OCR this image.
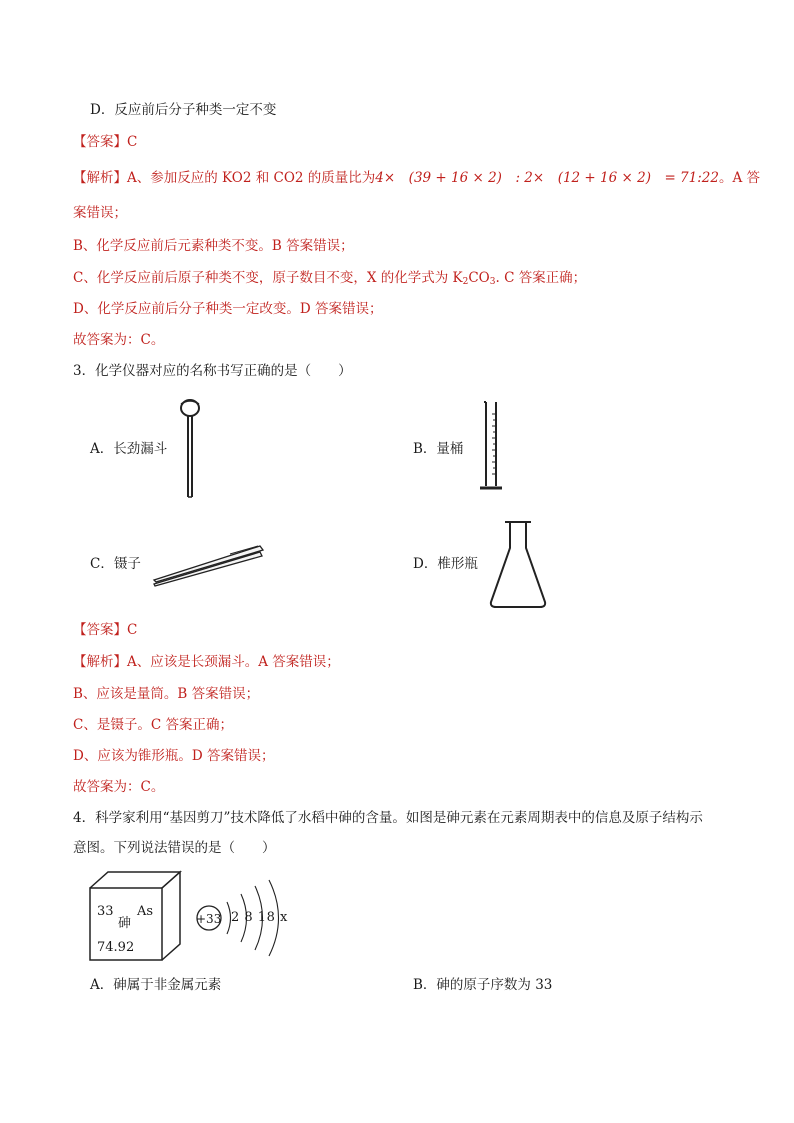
D．反应前后分子种类一定不变
【答案】C
【解析】A、参加反应的 KO2 和 CO2 的质量比为4×　(39 + 16 × 2)　: 2×　(12 + 16 × 2)　= 71:22。A 答
案错误；
B、化学反应前后元素种类不变。B 答案错误；
C、化学反应前后原子种类不变，原子数目不变，X 的化学式为 $K_2CO_3$. C 答案正确；
D、化学反应前后分子种类一定改变。D 答案错误；
故答案为：C。
3．化学仪器对应的名称书写正确的是（　　）
A．长劲漏斗	B．量桶
C．镊子	D．椎形瓶
【答案】C
【解析】A、应该是长颈漏斗。A 答案错误；
B、应该是量筒。B 答案错误；
C、是镊子。C 答案正确；
D、应该为锥形瓶。D 答案错误；
故答案为：C。
4．科学家利用“基因剪刀”技术降低了水稻中砷的含量。如图是砷元素在元素周期表中的信息及原子结构示
意图。下列说法错误的是（　　）
33 As
砷
74.92
+33 2 8 18 x
A．砷属于非金属元素	B．砷的原子序数为 33
